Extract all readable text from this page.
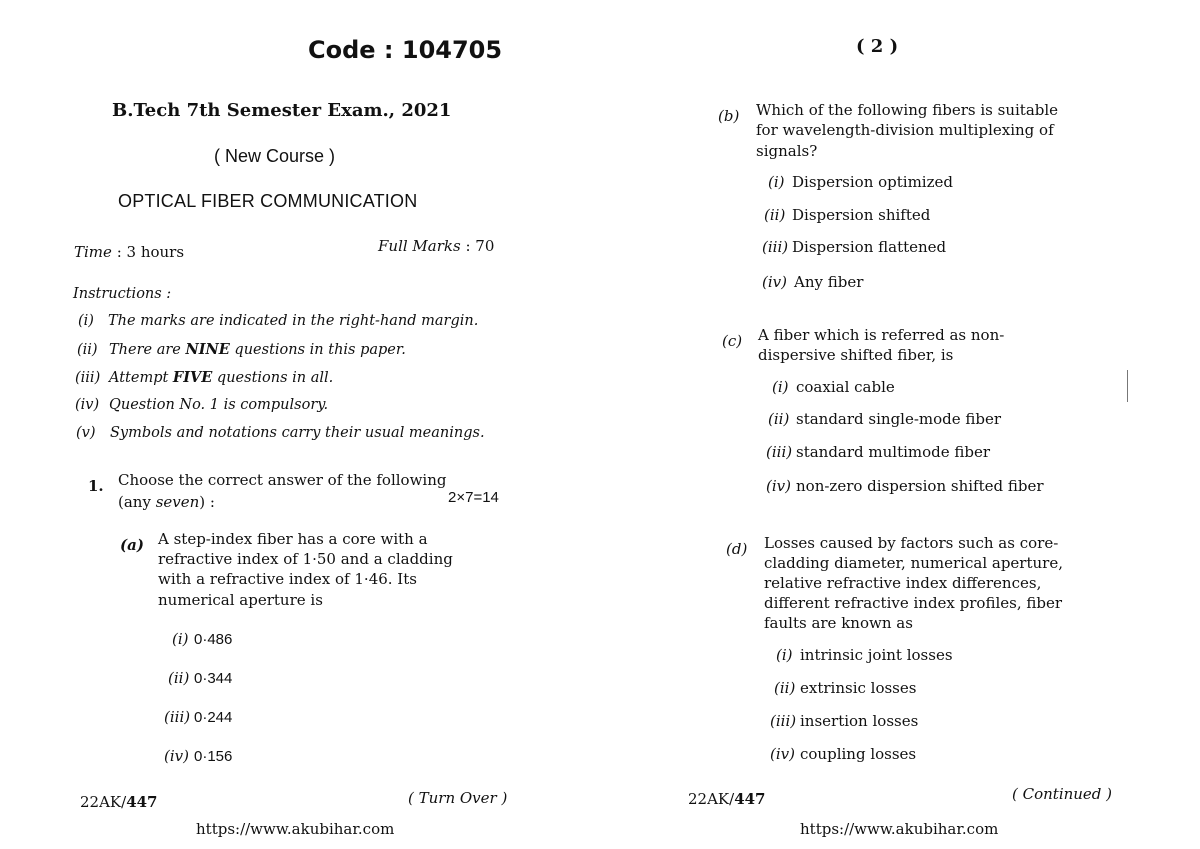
Code : 104705
B.Tech 7th Semester Exam., 2021
( New Course )
OPTICAL FIBER COMMUNICATION
Time : 3 hours	Full Marks : 70
Instructions :
(i) The marks are indicated in the right-hand margin.
(ii) There are NINE questions in this paper.
(iii) Attempt FIVE questions in all.
(iv) Question No. 1 is compulsory.
(v) Symbols and notations carry their usual meanings.
1. Choose the correct answer of the following
(any seven) :	2×7=14
(a) A step-index fiber has a core with a
refractive index of 1·50 and a cladding
with a refractive index of 1·46. Its
numerical aperture is
(i) 0·486
(ii) 0·344
(iii) 0·244
(iv) 0·156
22AK/447	( Turn Over )
https://www.akubihar.com
( 2 )
(b) Which of the following fibers is suitable
for wavelength-division multiplexing of
signals?
(i) Dispersion optimized
(ii) Dispersion shifted
(iii) Dispersion flattened
(iv) Any fiber
(c) A fiber which is referred as non-
dispersive shifted fiber, is
(i) coaxial cable
(ii) standard single-mode fiber
(iii) standard multimode fiber
(iv) non-zero dispersion shifted fiber
(d) Losses caused by factors such as core-
cladding diameter, numerical aperture,
relative refractive index differences,
different refractive index profiles, fiber
faults are known as
(i) intrinsic joint losses
(ii) extrinsic losses
(iii) insertion losses
(iv) coupling losses
22AK/447	( Continued )
https://www.akubihar.com
